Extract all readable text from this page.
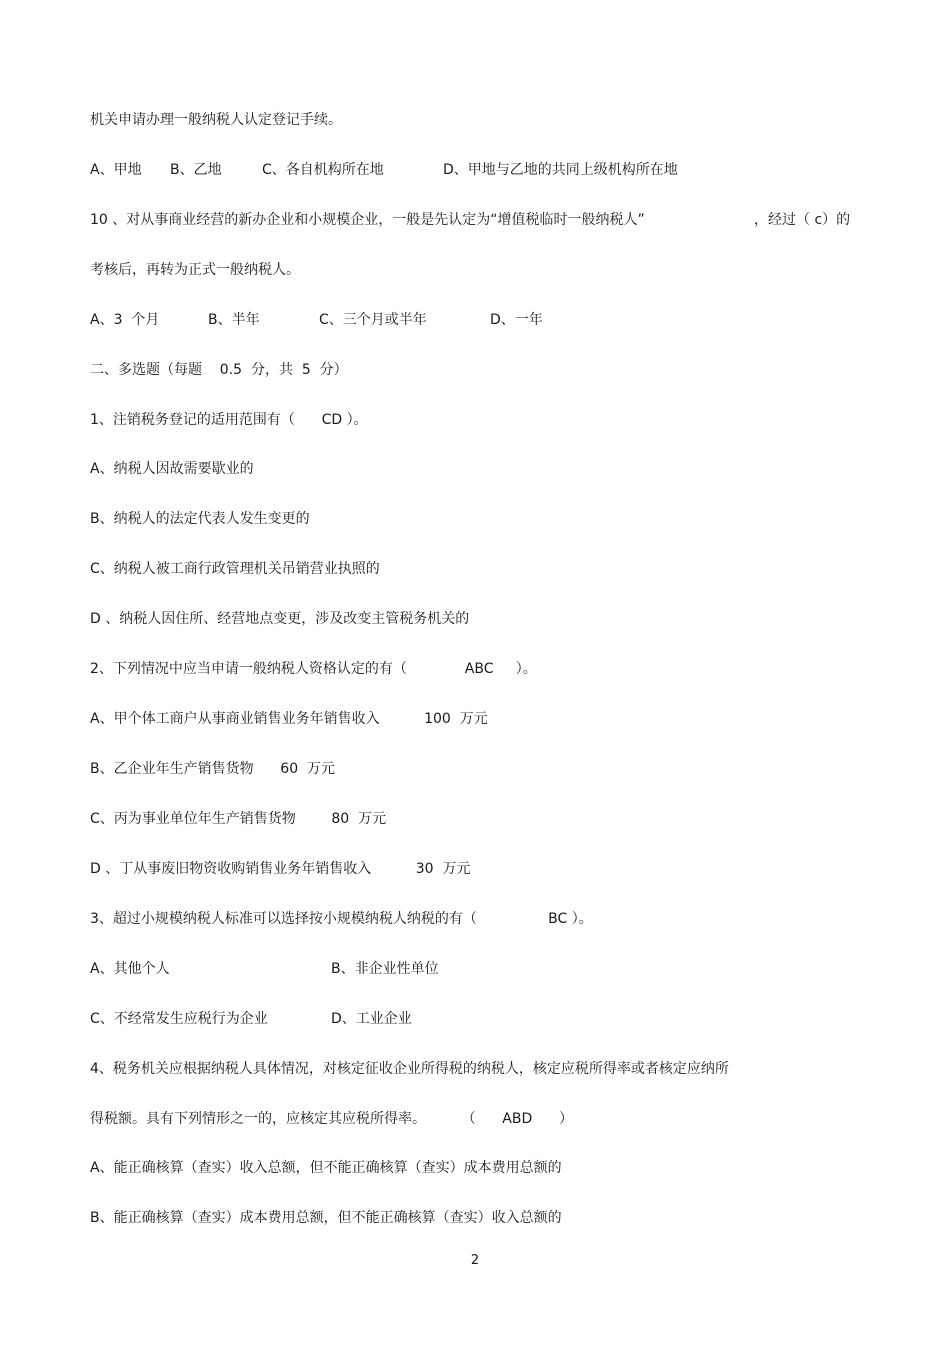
机关申请办理一般纳税人认定登记手续。

A、甲地

B、乙地

	C、各自机构所在地

	D、甲地与乙地的共同上级机构所在地

10 、对从事商业经营的新办企业和小规模企业，一般是先认定为“增值税临时一般纳税人”

	，经过（ c）的

考核后，再转为正式一般纳税人。

A、3  个月

	B、半年

	C、三个月或半年

	D、一年

二、多选题（每题    0.5  分，共  5  分）
1、注销税务登记的适用范围有（      CD ）。
A、纳税人因故需要歇业的
B、纳税人的法定代表人发生变更的
C、纳税人被工商行政管理机关吊销营业执照的
D 、纳税人因住所、经营地点变更，涉及改变主管税务机关的
2、下列情况中应当申请一般纳税人资格认定的有（             ABC     ）。
A、甲个体工商户从事商业销售业务年销售收入          100  万元
B、乙企业年生产销售货物      60  万元
C、丙为事业单位年生产销售货物        80  万元
D 、丁从事废旧物资收购销售业务年销售收入          30  万元
3、超过小规模纳税人标准可以选择按小规模纳税人纳税的有（                BC ）。

A、其他个人

	B、非企业性单位

C、不经常发生应税行为企业

	D、工业企业

4、税务机关应根据纳税人具体情况，对核定征收企业所得税的纳税人，核定应税所得率或者核定应纳所
得税额。具有下列情形之一的，应核定其应税所得率。        （      ABD      ）
A、能正确核算（查实）收入总额，但不能正确核算（查实）成本费用总额的
B、能正确核算（查实）成本费用总额，但不能正确核算（查实）收入总额的
2
